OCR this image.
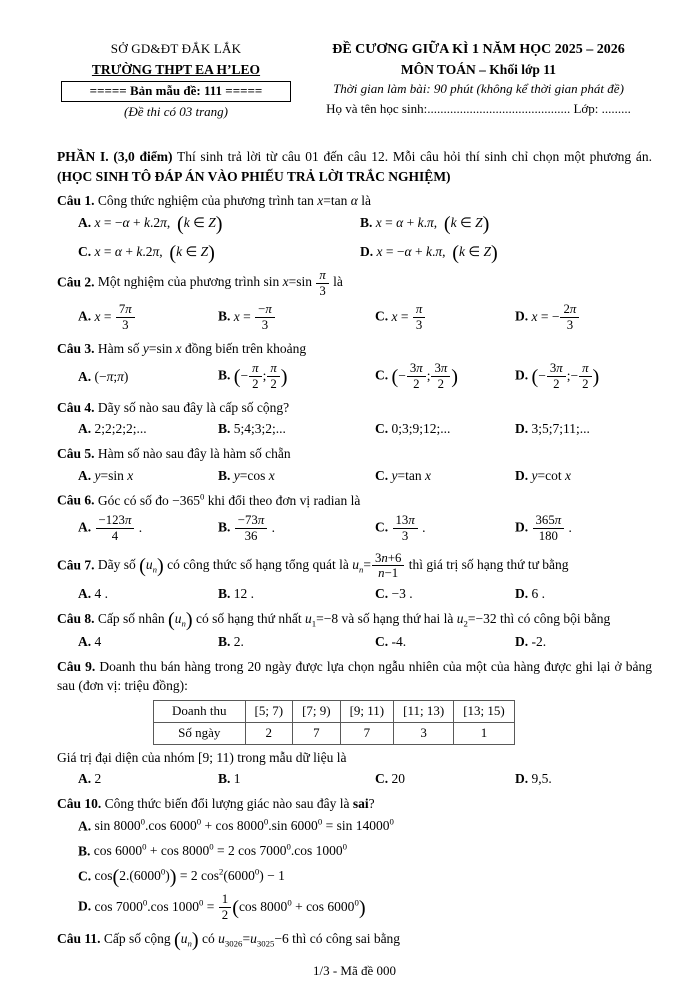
SỞ GD&ĐT ĐẮK LẮK
TRƯỜNG THPT EA H’LEO
===== Bản mẫu đề: 111 =====
(Đề thi có 03 trang)
ĐỀ CƯƠNG GIỮA KÌ 1 NĂM HỌC 2025 – 2026
MÔN TOÁN – Khối lớp 11
Thời gian làm bài: 90 phút (không kể thời gian phát đề)
Họ và tên học sinh:............................................ Lớp: .........

PHẦN I. (3,0 điểm) Thí sinh trả lời từ câu 01 đến câu 12. Mỗi câu hỏi thí sinh chỉ chọn một phương án. (HỌC SINH TÔ ĐÁP ÁN VÀO PHIẾU TRẢ LỜI TRẮC NGHIỆM)

Câu 1. Công thức nghiệm của phương trình tan x=tan α là

A. x = −α + k.2π,  (k ∈ Z)	B. x = α + k.π,  (k ∈ Z)
C. x = α + k.2π,  (k ∈ Z)	D. x = −α + k.π,  (k ∈ Z)

Câu 2. Một nghiệm của phương trình $\sin x=\sin \frac{\pi}{3}$ là

A. $x = \frac{7\pi}{3}$	B. $x = \frac{-\pi}{3}$	C. $x = \frac{\pi}{3}$	D. x = − $\frac{2\pi}{3}$

Câu 3. Hàm số y=sin x đồng biến trên khoảng

A. (−π;π)	B. (− $\frac{\pi}{2}$ ; $\frac{\pi}{2}$ )	C. (− $\frac{3\pi}{2}$ ; $\frac{3\pi}{2}$ )	D. (− $\frac{3\pi}{2}$ ;− $\frac{\pi}{2}$ )

Câu 4. Dãy số nào sau đây là cấp số cộng?

A. 2;2;2;2;...	B. 5;4;3;2;...	C. 0;3;9;12;...	D. 3;5;7;11;...

Câu 5. Hàm số nào sau đây là hàm số chẵn

A. y=sin x	B. y=cos x	C. y=tan x	D. y=cot x

Câu 6. Góc có số đo $-365^0$ khi đổi theo đơn vị radian là

A. $\frac{-123\pi}{4}$ .	B. $\frac{-73\pi}{36}$ .	C. $\frac{13\pi}{3}$ .	D. $\frac{365\pi}{180}$ .

Câu 7. Dãy số $(u_n)$ có công thức số hạng tổng quát là $u_n= \frac{3n+6}{n-1}$ thì giá trị số hạng thứ tư bằng

A. 4 .	B. 12 .	C. −3 .	D. 6 .

Câu 8. Cấp số nhân $(u_n)$ có số hạng thứ nhất $u_1=-8$ và số hạng thứ hai là $u_2=-32$ thì có công bội bằng

A. 4	B. 2.	C. -4.	D. -2.

Câu 9. Doanh thu bán hàng trong 20 ngày được lựa chọn ngẫu nhiên của một của hàng được ghi lại ở bảng sau (đơn vị: triệu đồng):

Doanh thu	[5; 7)	[7; 9)	[9; 11)	[11; 13)	[13; 15)
Số ngày	2	7	7	3	1

Giá trị đại diện của nhóm [9; 11) trong mẫu dữ liệu là

A. 2	B. 1	C. 20	D. 9,5.

Câu 10. Công thức biến đổi lượng giác nào sau đây là sai?

A. sin 8000$^0$.cos $6000^0 + \cos 8000^0.\sin$ $6000^0 = \sin 14000^0$
B. $\cos 6000^0 + \cos 8000^0 = 2$ cos 7000$^0$.cos 1000$^0$
C. $\cos(2.(6000^0)) = 2$ $\cos^2(6000^0) - 1$
D. cos 7000$^0$.cos $1000^0 = \frac{1}{2} (\cos$ $8000^0 + \cos 6000^0$)

Câu 11. Cấp số cộng $(u_n)$ có $u_{3026}=u_{3025}-6$ thì có công sai bằng

1/3 - Mã đề 000
